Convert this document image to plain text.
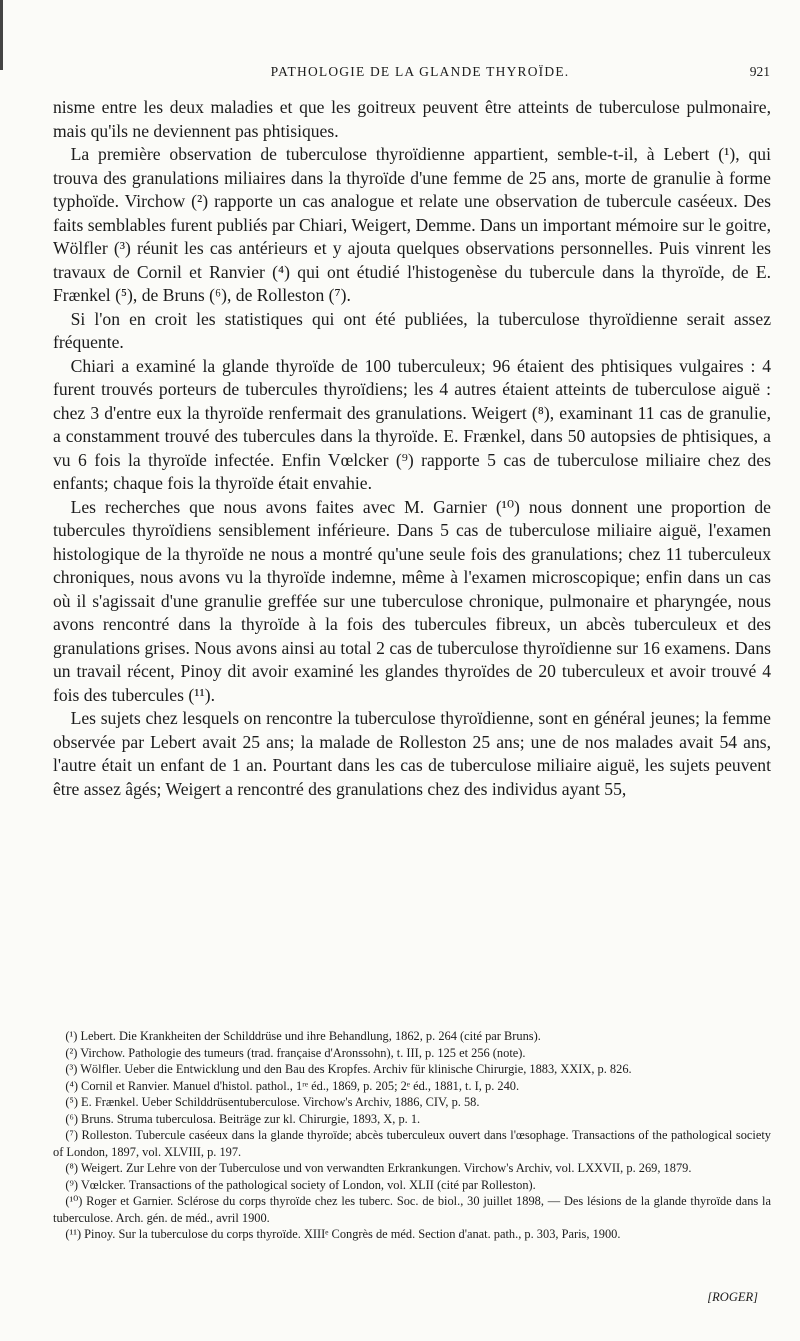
PATHOLOGIE DE LA GLANDE THYROÏDE.	921

nisme entre les deux maladies et que les goitreux peuvent être atteints de tuberculose pulmonaire, mais qu'ils ne deviennent pas phtisiques.

La première observation de tuberculose thyroïdienne appartient, semble-t-il, à Lebert (¹), qui trouva des granulations miliaires dans la thyroïde d'une femme de 25 ans, morte de granulie à forme typhoïde. Virchow (²) rapporte un cas analogue et relate une observation de tubercule caséeux. Des faits semblables furent publiés par Chiari, Weigert, Demme. Dans un important mémoire sur le goitre, Wölfler (³) réunit les cas antérieurs et y ajouta quelques observations personnelles. Puis vinrent les travaux de Cornil et Ranvier (⁴) qui ont étudié l'histogenèse du tubercule dans la thyroïde, de E. Frænkel (⁵), de Bruns (⁶), de Rolleston (⁷).

Si l'on en croit les statistiques qui ont été publiées, la tuberculose thyroïdienne serait assez fréquente.

Chiari a examiné la glande thyroïde de 100 tuberculeux; 96 étaient des phtisiques vulgaires : 4 furent trouvés porteurs de tubercules thyroïdiens; les 4 autres étaient atteints de tuberculose aiguë : chez 3 d'entre eux la thyroïde renfermait des granulations. Weigert (⁸), examinant 11 cas de granulie, a constamment trouvé des tubercules dans la thyroïde. E. Frænkel, dans 50 autopsies de phtisiques, a vu 6 fois la thyroïde infectée. Enfin Vœlcker (⁹) rapporte 5 cas de tuberculose miliaire chez des enfants; chaque fois la thyroïde était envahie.

Les recherches que nous avons faites avec M. Garnier (¹⁰) nous donnent une proportion de tubercules thyroïdiens sensiblement inférieure. Dans 5 cas de tuberculose miliaire aiguë, l'examen histologique de la thyroïde ne nous a montré qu'une seule fois des granulations; chez 11 tuberculeux chroniques, nous avons vu la thyroïde indemne, même à l'examen microscopique; enfin dans un cas où il s'agissait d'une granulie greffée sur une tuberculose chronique, pulmonaire et pharyngée, nous avons rencontré dans la thyroïde à la fois des tubercules fibreux, un abcès tuberculeux et des granulations grises. Nous avons ainsi au total 2 cas de tuberculose thyroïdienne sur 16 examens. Dans un travail récent, Pinoy dit avoir examiné les glandes thyroïdes de 20 tuberculeux et avoir trouvé 4 fois des tubercules (¹¹).

Les sujets chez lesquels on rencontre la tuberculose thyroïdienne, sont en général jeunes; la femme observée par Lebert avait 25 ans; la malade de Rolleston 25 ans; une de nos malades avait 54 ans, l'autre était un enfant de 1 an. Pourtant dans les cas de tuberculose miliaire aiguë, les sujets peuvent être assez âgés; Weigert a rencontré des granulations chez des individus ayant 55,

(¹) Lebert. Die Krankheiten der Schilddrüse und ihre Behandlung, 1862, p. 264 (cité par Bruns).

(²) Virchow. Pathologie des tumeurs (trad. française d'Aronssohn), t. III, p. 125 et 256 (note).

(³) Wölfler. Ueber die Entwicklung und den Bau des Kropfes. Archiv für klinische Chirurgie, 1883, XXIX, p. 826.

(⁴) Cornil et Ranvier. Manuel d'histol. pathol., 1ʳᵉ éd., 1869, p. 205; 2ᵉ éd., 1881, t. I, p. 240.

(⁵) E. Frænkel. Ueber Schilddrüsentuberculose. Virchow's Archiv, 1886, CIV, p. 58.

(⁶) Bruns. Struma tuberculosa. Beiträge zur kl. Chirurgie, 1893, X, p. 1.

(⁷) Rolleston. Tubercule caséeux dans la glande thyroïde; abcès tuberculeux ouvert dans l'œsophage. Transactions of the pathological society of London, 1897, vol. XLVIII, p. 197.

(⁸) Weigert. Zur Lehre von der Tuberculose und von verwandten Erkrankungen. Virchow's Archiv, vol. LXXVII, p. 269, 1879.

(⁹) Vœlcker. Transactions of the pathological society of London, vol. XLII (cité par Rolleston).

(¹⁰) Roger et Garnier. Sclérose du corps thyroïde chez les tuberc. Soc. de biol., 30 juillet 1898, — Des lésions de la glande thyroïde dans la tuberculose. Arch. gén. de méd., avril 1900.

(¹¹) Pinoy. Sur la tuberculose du corps thyroïde. XIIIᵉ Congrès de méd. Section d'anat. path., p. 303, Paris, 1900.

[ROGER]
